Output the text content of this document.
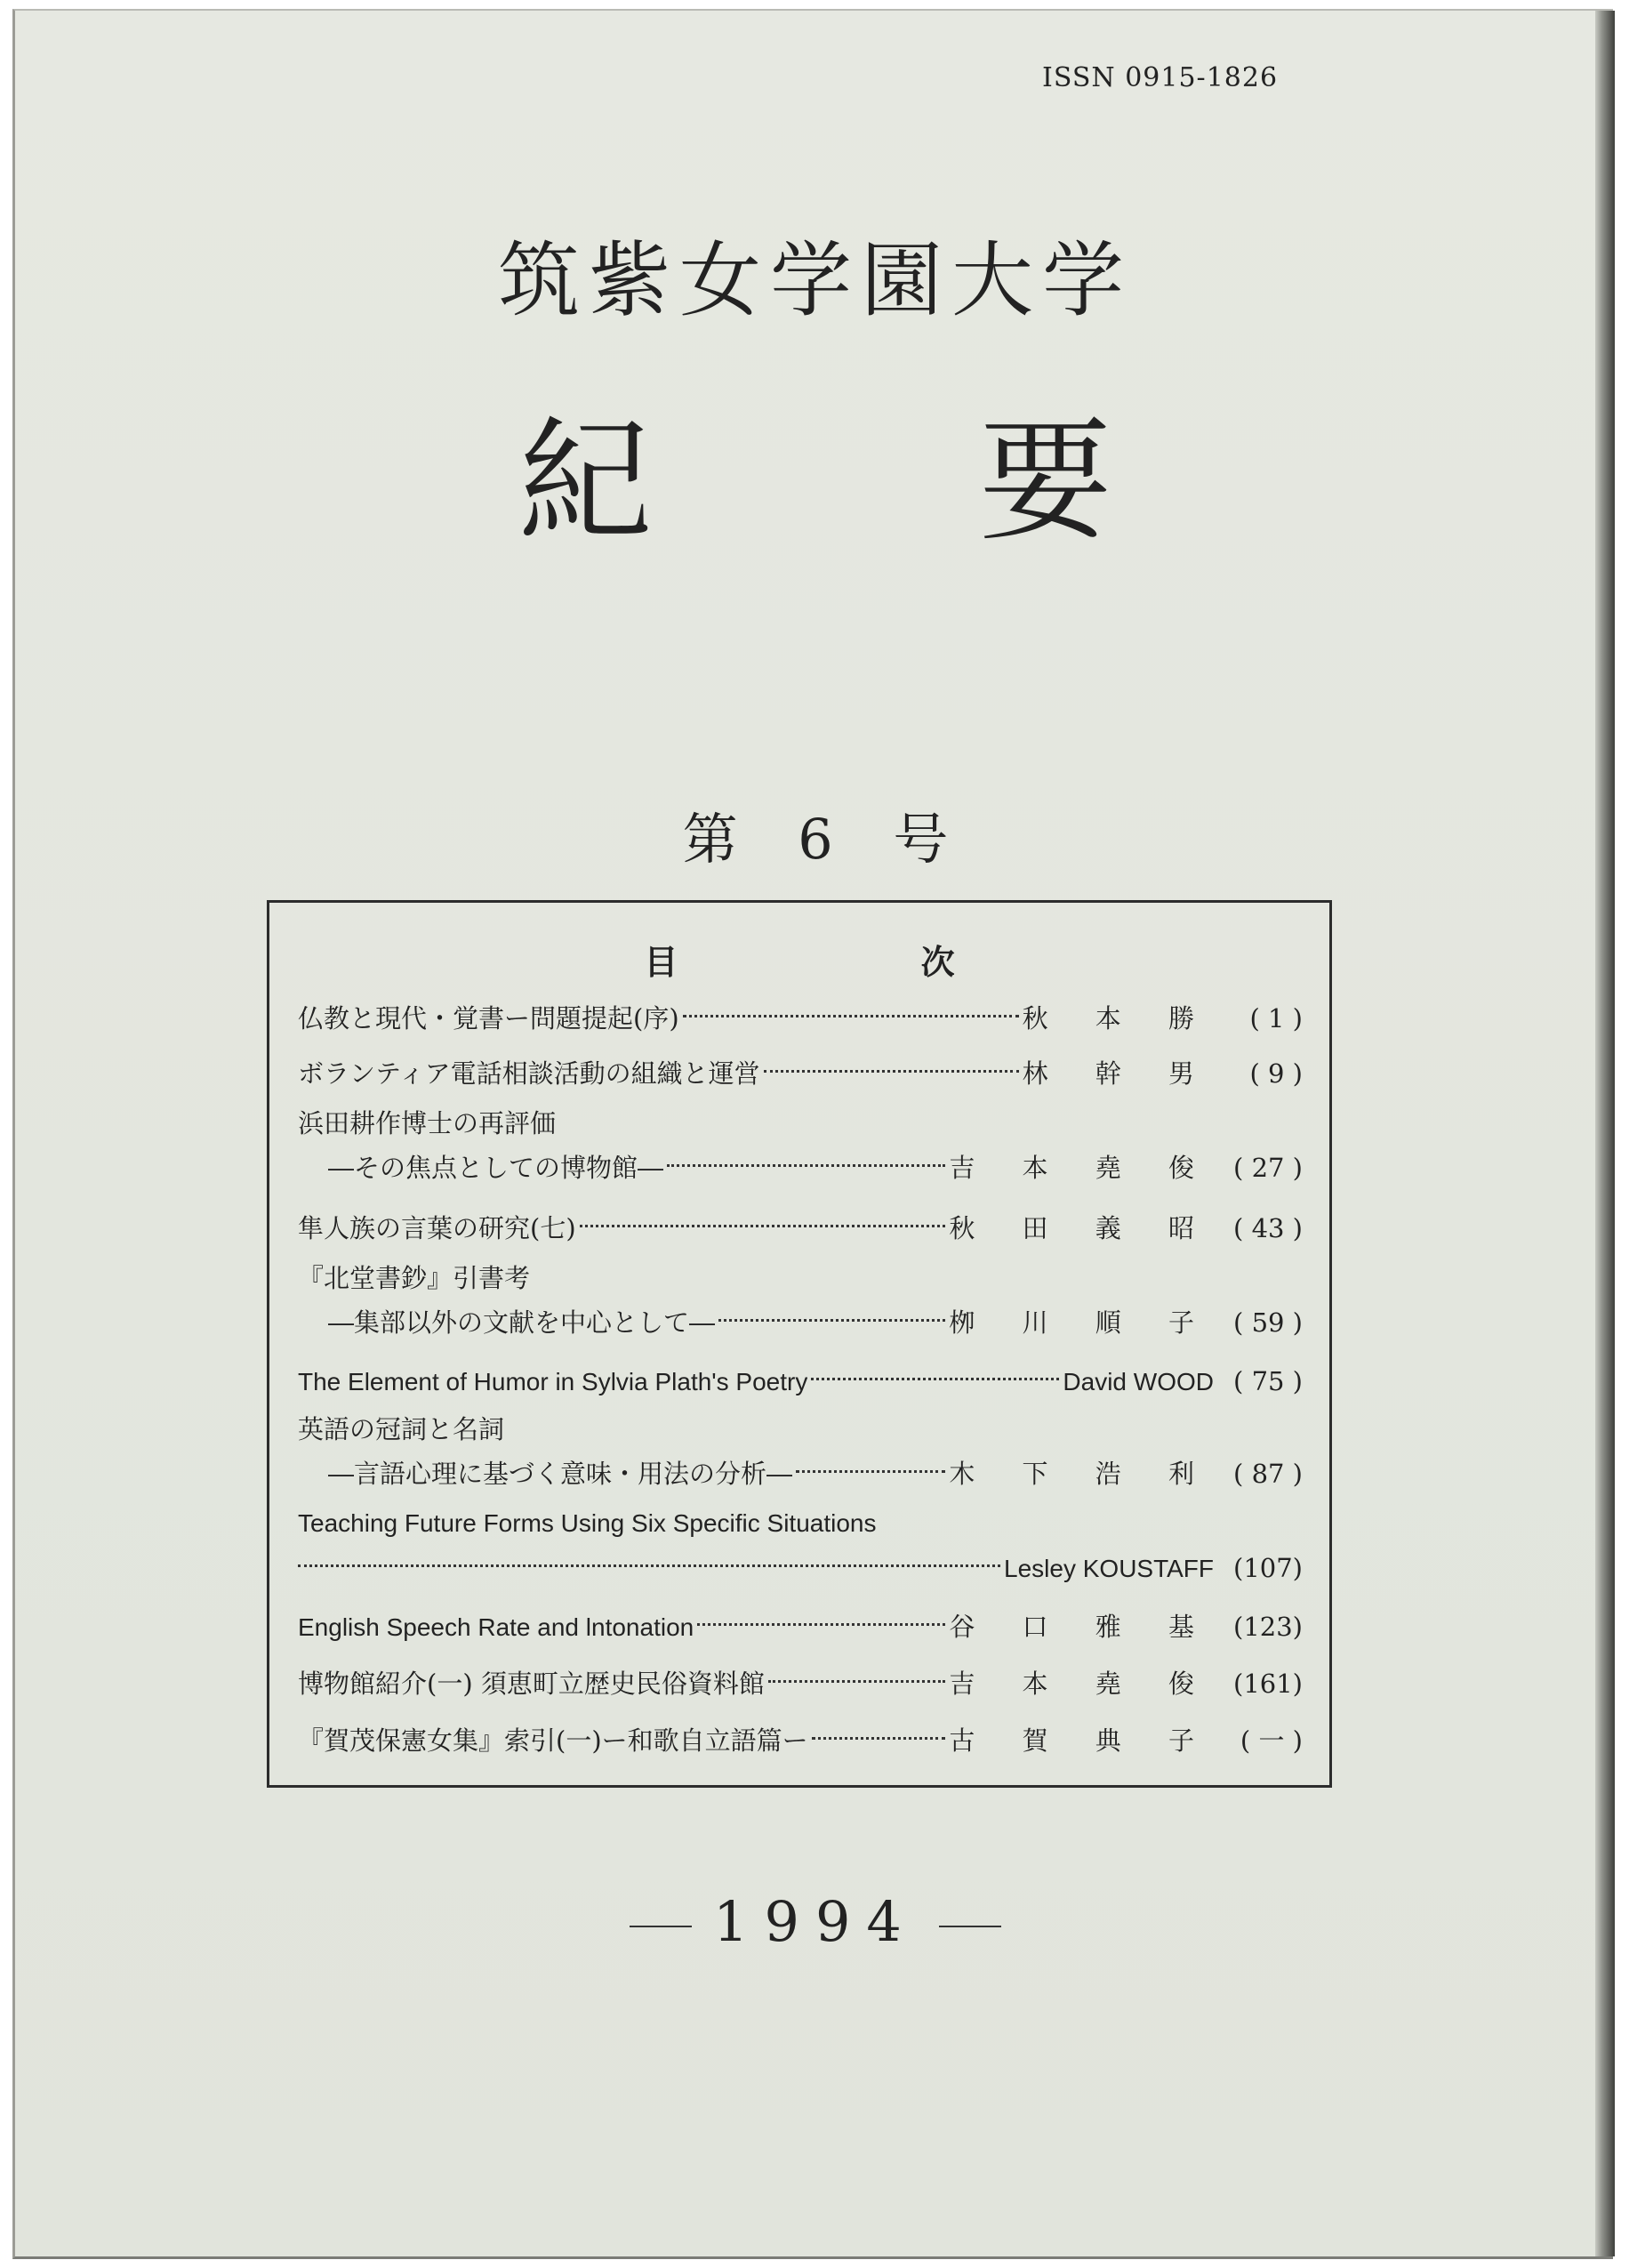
ISSN 0915-1826
筑紫女学園大学
紀 要
第 6 号
目 次
仏教と現代・覚書ー問題提起(序)	秋 本 勝	( 1 )
ボランティア電話相談活動の組織と運営	林 幹 男	( 9 )
浜田耕作博士の再評価
―その焦点としての博物館―	吉 本 堯 俊 ( 27 )
隼人族の言葉の研究(七)	秋 田 義 昭 ( 43 )
『北堂書鈔』引書考
―集部以外の文献を中心として―	栁 川 順 子 ( 59 )
The Element of Humor in Sylvia Plath's Poetry	David WOOD ( 75 )
英語の冠詞と名詞
―言語心理に基づく意味・用法の分析―	木 下 浩 利 ( 87 )
Teaching Future Forms Using Six Specific Situations
Lesley KOUSTAFF (107)
English Speech Rate and lntonation	谷 口 雅 基 (123)
博物館紹介(一) 須恵町立歴史民俗資料館	吉 本 堯 俊 (161)
『賀茂保憲女集』索引(一)ー和歌自立語篇ー	古 賀 典 子	( 一 )
1994
